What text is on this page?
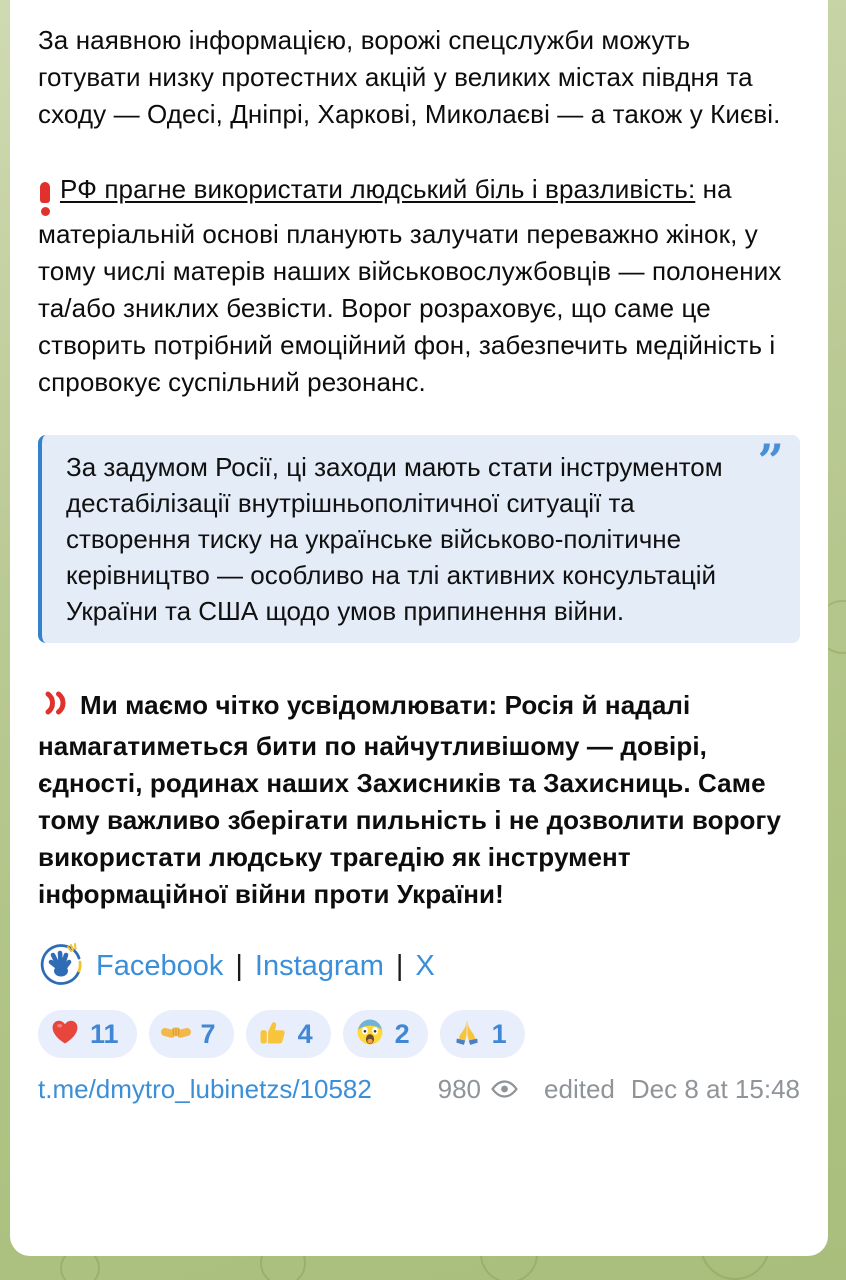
За наявною інформацією, ворожі спецслужби можуть готувати низку протестних акцій у великих містах півдня та сходу — Одесі, Дніпрі, Харкові, Миколаєві — а також у Києві.

РФ прагне використати людський біль і вразливість: на матеріальній основі планують залучати переважно жінок, у тому числі матерів наших військовослужбовців — полонених та/або зниклих безвісти. Ворог розраховує, що саме це створить потрібний емоційний фон, забезпечить медійність і спровокує суспільний резонанс.

За задумом Росії, ці заходи мають стати інструментом дестабілізації внутрішньополітичної ситуації та створення тиску на українське військово-політичне керівництво — особливо на тлі активних консультацій України та США щодо умов припинення війни.
”

Ми маємо чітко усвідомлювати: Росія й надалі намагатиметься бити по найчутливішому — довірі, єдності, родинах наших Захисників та Захисниць. Саме тому важливо зберігати пильність і не дозволити ворогу використати людську трагедію як інструмент інформаційної війни проти України!

Facebook | Instagram | X
11	7	4	2	1
t.me/dmytro_lubinetzs/10582	980 edited Dec 8 at 15:48
